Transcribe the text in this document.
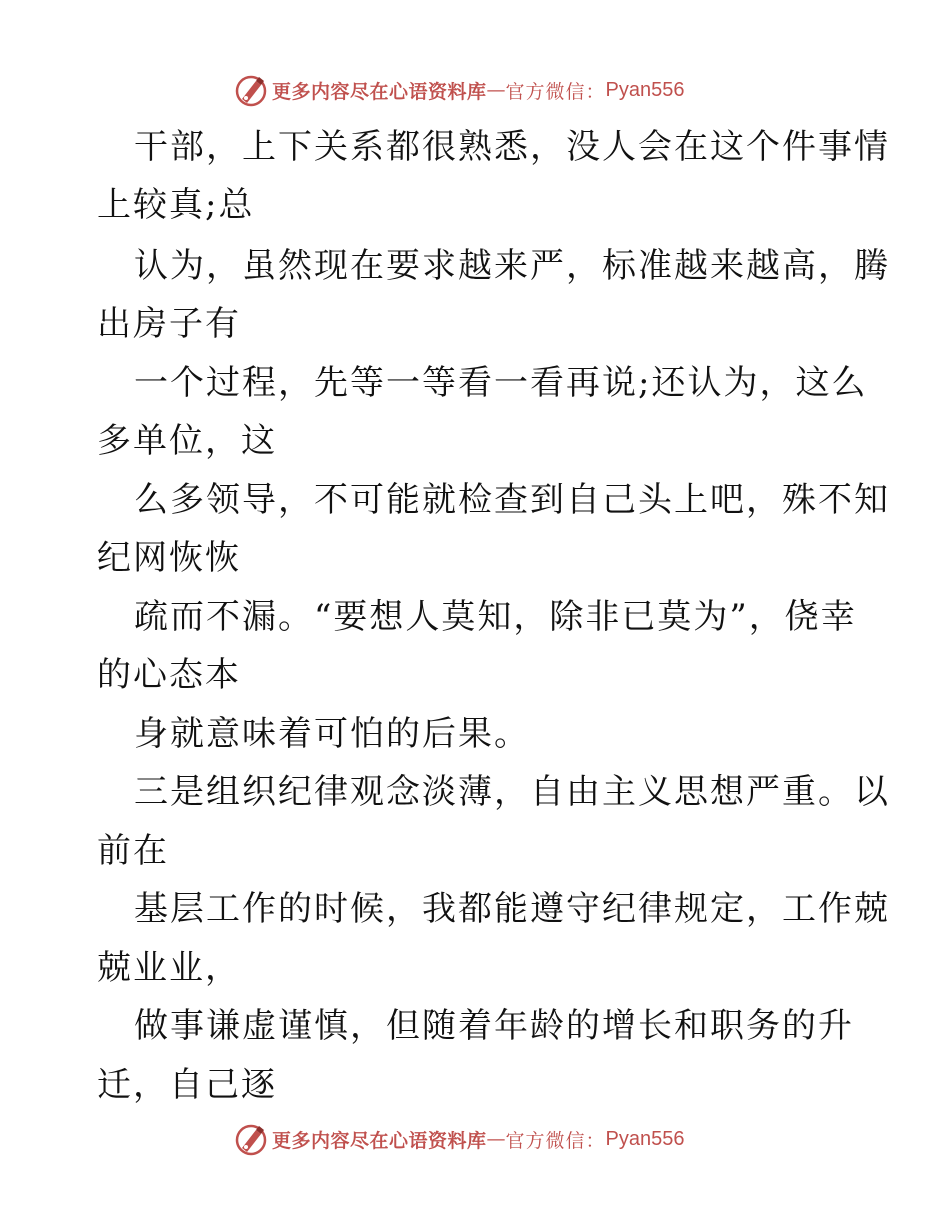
更多内容尽在心语资料库 — 官方微信： Pyan556
干部，上下关系都很熟悉，没人会在这个件事情
上较真;总
认为，虽然现在要求越来严，标准越来越高，腾
出房子有
一个过程，先等一等看一看再说;还认为，这么
多单位，这
么多领导，不可能就检查到自己头上吧，殊不知
纪网恢恢
疏而不漏。“要想人莫知，除非已莫为”，侥幸
的心态本
身就意味着可怕的后果。
三是组织纪律观念淡薄，自由主义思想严重。以
前在
基层工作的时候，我都能遵守纪律规定，工作兢
兢业业，
做事谦虚谨慎，但随着年龄的增长和职务的升
迁，自己逐
更多内容尽在心语资料库 — 官方微信： Pyan556
